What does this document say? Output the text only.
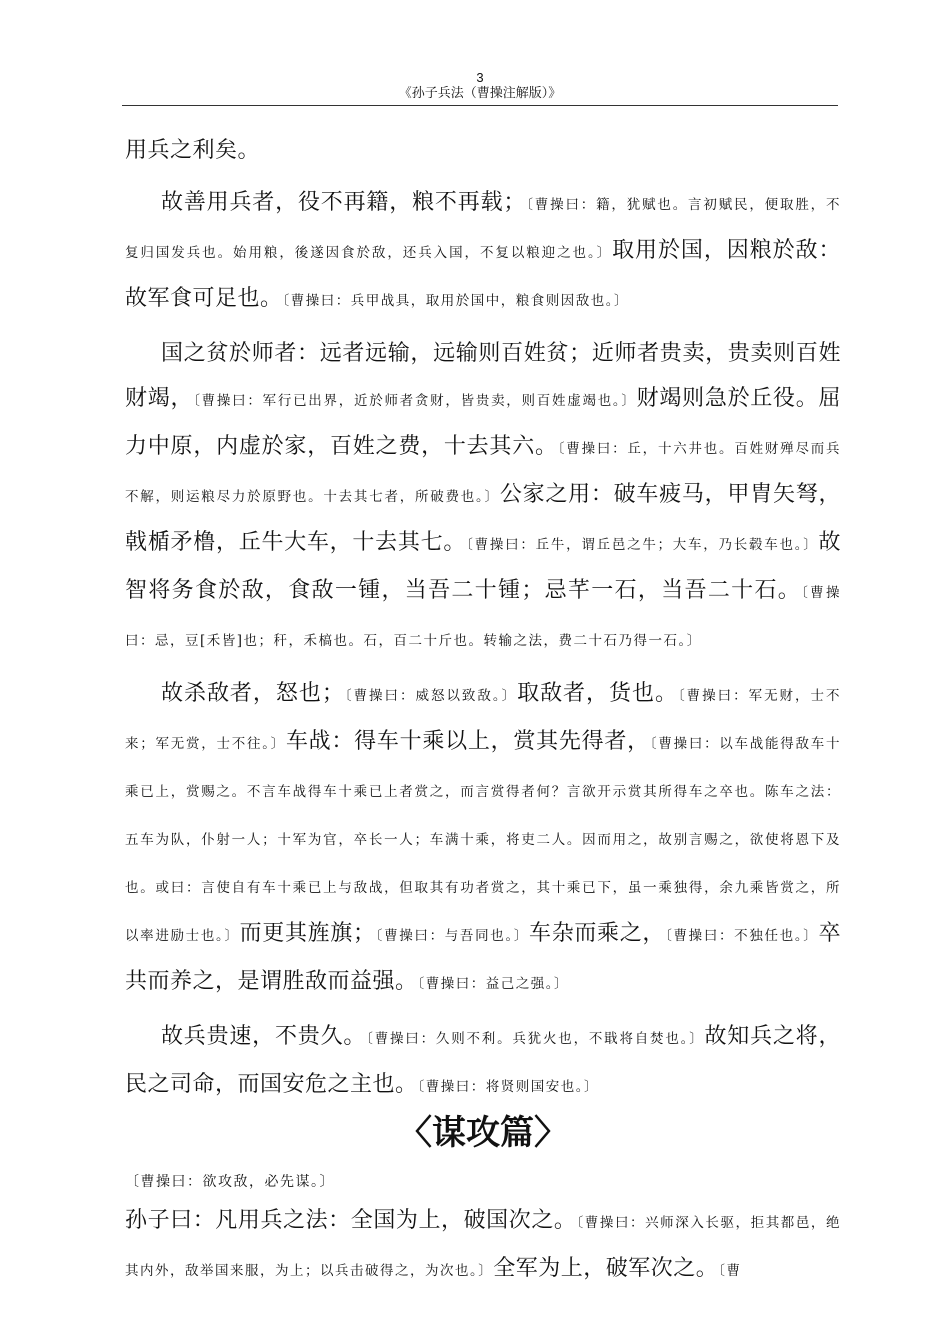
3
《孙子兵法（曹操注解版）》

用兵之利矣。

故善用兵者，役不再籍，粮不再载；〔曹操曰：籍，犹赋也。言初赋民，便取胜，不复归国发兵也。始用粮，後遂因食於敌，还兵入国，不复以粮迎之也。〕取用於国，因粮於敌：故军食可足也。〔曹操曰：兵甲战具，取用於国中，粮食则因敌也。〕

国之贫於师者：远者远输，远输则百姓贫；近师者贵卖，贵卖则百姓财竭，〔曹操曰：军行已出界，近於师者贪财，皆贵卖，则百姓虚竭也。〕财竭则急於丘役。屈力中原，内虚於家，百姓之费，十去其六。〔曹操曰：丘，十六井也。百姓财殚尽而兵不解，则运粮尽力於原野也。十去其七者，所破费也。〕公家之用：破车疲马，甲胄矢弩，戟楯矛橹，丘牛大车，十去其七。〔曹操曰：丘牛，谓丘邑之牛；大车，乃长毂车也。〕故智将务食於敌，食敌一锺，当吾二十锺；忌芊一石，当吾二十石。〔曹操曰：忌，豆[禾皆]也；秆，禾槁也。石，百二十斤也。转输之法，费二十石乃得一石。〕

故杀敌者，怒也；〔曹操曰：威怒以致敌。〕取敌者，货也。〔曹操曰：军无财，士不来；军无赏，士不往。〕车战：得车十乘以上，赏其先得者，〔曹操曰：以车战能得敌车十乘已上，赏赐之。不言车战得车十乘已上者赏之，而言赏得者何？言欲开示赏其所得车之卒也。陈车之法：五车为队，仆射一人；十军为官，卒长一人；车满十乘，将吏二人。因而用之，故别言赐之，欲使将恩下及也。或曰：言使自有车十乘已上与敌战，但取其有功者赏之，其十乘已下，虽一乘独得，余九乘皆赏之，所以率进励士也。〕而更其旌旗；〔曹操曰：与吾同也。〕车杂而乘之，〔曹操曰：不独任也。〕卒共而养之，是谓胜敌而益强。〔曹操曰：益己之强。〕

故兵贵速，不贵久。〔曹操曰：久则不利。兵犹火也，不戢将自焚也。〕故知兵之将，民之司命，而国安危之主也。〔曹操曰：将贤则国安也。〕

〈谋攻篇〉

〔曹操曰：欲攻敌，必先谋。〕

孙子曰：凡用兵之法：全国为上，破国次之。〔曹操曰：兴师深入长驱，拒其都邑，绝其内外，敌举国来服，为上；以兵击破得之，为次也。〕全军为上，破军次之。〔曹
